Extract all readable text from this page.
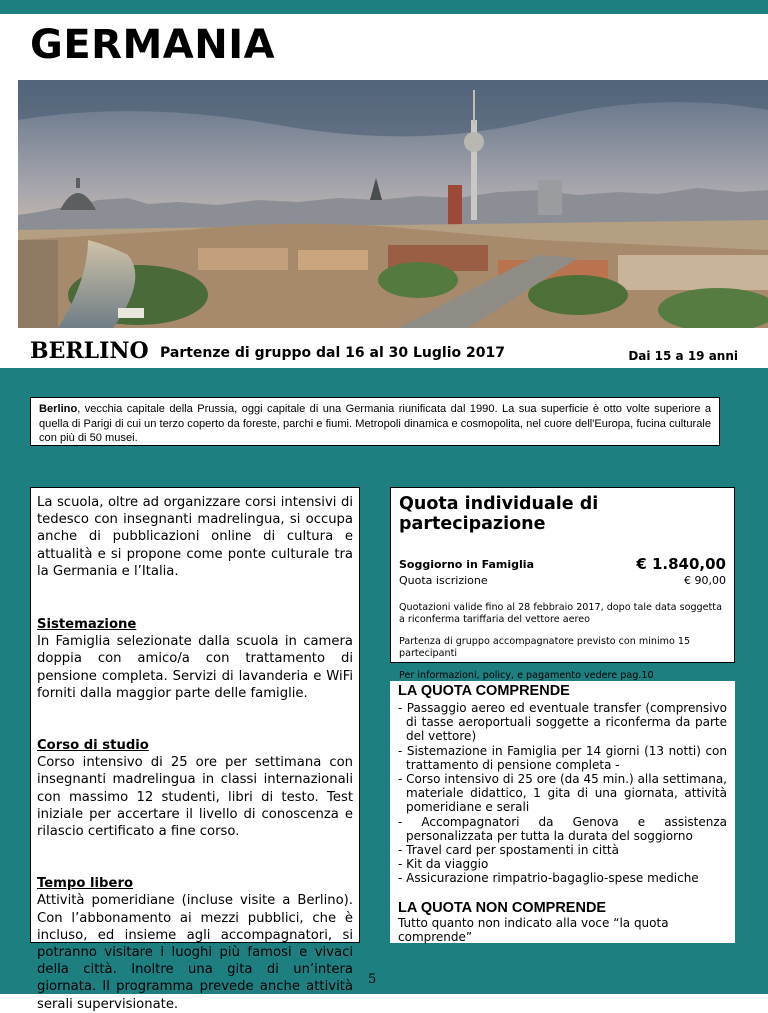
GERMANIA
BERLINO Partenze di gruppo dal 16 al 30 Luglio 2017	Dai 15 a 19 anni
Berlino, vecchia capitale della Prussia, oggi capitale di una Germania riunificata dal 1990. La sua superficie è otto volte superiore a quella di Parigi di cui un terzo coperto da foreste, parchi e fiumi. Metropoli dinamica e cosmopolita, nel cuore dell'Europa, fucina culturale con più di 50 musei.

La scuola, oltre ad organizzare corsi intensivi di tedesco con insegnanti madrelingua, si occupa anche di pubblicazioni online di cultura e attualità e si propone come ponte culturale tra la Germania e l’Italia.

Sistemazione

In Famiglia selezionate dalla scuola in camera doppia con amico/a con trattamento di pensione completa. Servizi di lavanderia e WiFi forniti dalla maggior parte delle famiglie.

Corso di studio

Corso intensivo di 25 ore per settimana con insegnanti madrelingua in classi internazionali con massimo 12 studenti, libri di testo. Test iniziale per accertare il livello di conoscenza e rilascio certificato a fine corso.

Tempo libero

Attività pomeridiane (incluse visite a Berlino). Con l’abbonamento ai mezzi pubblici, che è incluso, ed insieme agli accompagnatori, si potranno visitare i luoghi più famosi e vivaci della città. Inoltre una gita di un’intera giornata. Il programma prevede anche attività serali supervisionate.

Quota individuale di partecipazione
Soggiorno in Famiglia	€ 1.840,00
Quota iscrizione	€ 90,00

Quotazioni valide fino al 28 febbraio 2017, dopo tale data soggetta a riconferma tariffaria del vettore aereo

Partenza di gruppo accompagnatore previsto con minimo 15 partecipanti

Per informazioni, policy, e pagamento vedere pag.10

LA QUOTA COMPRENDE
- Passaggio aereo ed eventuale transfer (comprensivo di tasse aeroportuali soggette a riconferma da parte del vettore)
- Sistemazione in Famiglia per 14 giorni (13 notti) con trattamento di pensione completa -
- Corso intensivo di 25 ore (da 45 min.) alla settimana, materiale didattico, 1 gita di una giornata, attività pomeridiane e serali
- Accompagnatori da Genova e assistenza personalizzata per tutta la durata del soggiorno
- Travel card per spostamenti in città
- Kit da viaggio
- Assicurazione rimpatrio-bagaglio-spese mediche
LA QUOTA NON COMPRENDE

Tutto quanto non indicato alla voce “la quota comprende”

5
